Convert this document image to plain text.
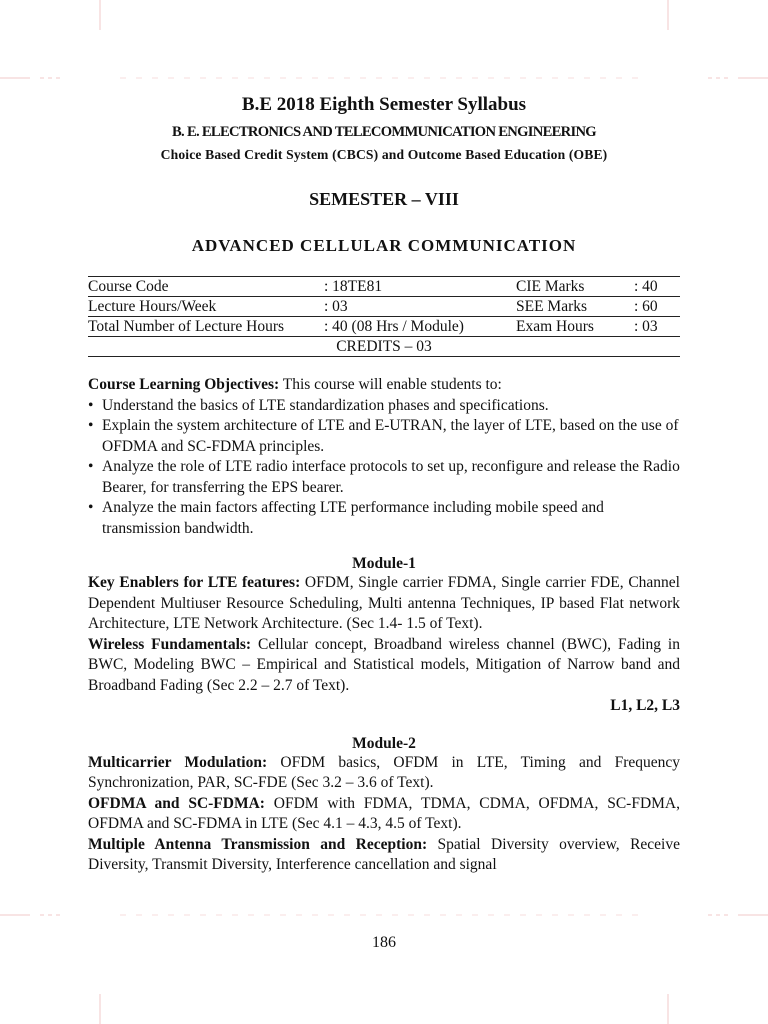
B.E 2018 Eighth Semester Syllabus
B. E. ELECTRONICS AND TELECOMMUNICATION ENGINEERING
Choice Based Credit System (CBCS) and Outcome Based Education (OBE)
SEMESTER – VIII
ADVANCED CELLULAR COMMUNICATION
Course Code	: 18TE81	CIE Marks	: 40
Lecture Hours/Week	: 03	SEE Marks	: 60
Total Number of Lecture Hours	: 40 (08 Hrs / Module)	Exam Hours	: 03
CREDITS – 03			
Course Learning Objectives: This course will enable students to:
• Understand the basics of LTE standardization phases and specifications.
• Explain the system architecture of LTE and E-UTRAN, the layer of LTE, based on the use of OFDMA and SC-FDMA principles.
• Analyze the role of LTE radio interface protocols to set up, reconfigure and release the Radio Bearer, for transferring the EPS bearer.
• Analyze the main factors affecting LTE performance including mobile speed and transmission bandwidth.
Module-1
Key Enablers for LTE features: OFDM, Single carrier FDMA, Single carrier FDE, Channel Dependent Multiuser Resource Scheduling, Multi antenna Techniques, IP based Flat network Architecture, LTE Network Architecture. (Sec 1.4- 1.5 of Text).
Wireless Fundamentals: Cellular concept, Broadband wireless channel (BWC), Fading in BWC, Modeling BWC – Empirical and Statistical models, Mitigation of Narrow band and Broadband Fading (Sec 2.2 – 2.7 of Text).
L1, L2, L3
Module-2
Multicarrier Modulation: OFDM basics, OFDM in LTE, Timing and Frequency Synchronization, PAR, SC-FDE (Sec 3.2 – 3.6 of Text).
OFDMA and SC-FDMA: OFDM with FDMA, TDMA, CDMA, OFDMA, SC-FDMA, OFDMA and SC-FDMA in LTE (Sec 4.1 – 4.3, 4.5 of Text).
Multiple Antenna Transmission and Reception: Spatial Diversity overview, Receive Diversity, Transmit Diversity, Interference cancellation and signal
186
